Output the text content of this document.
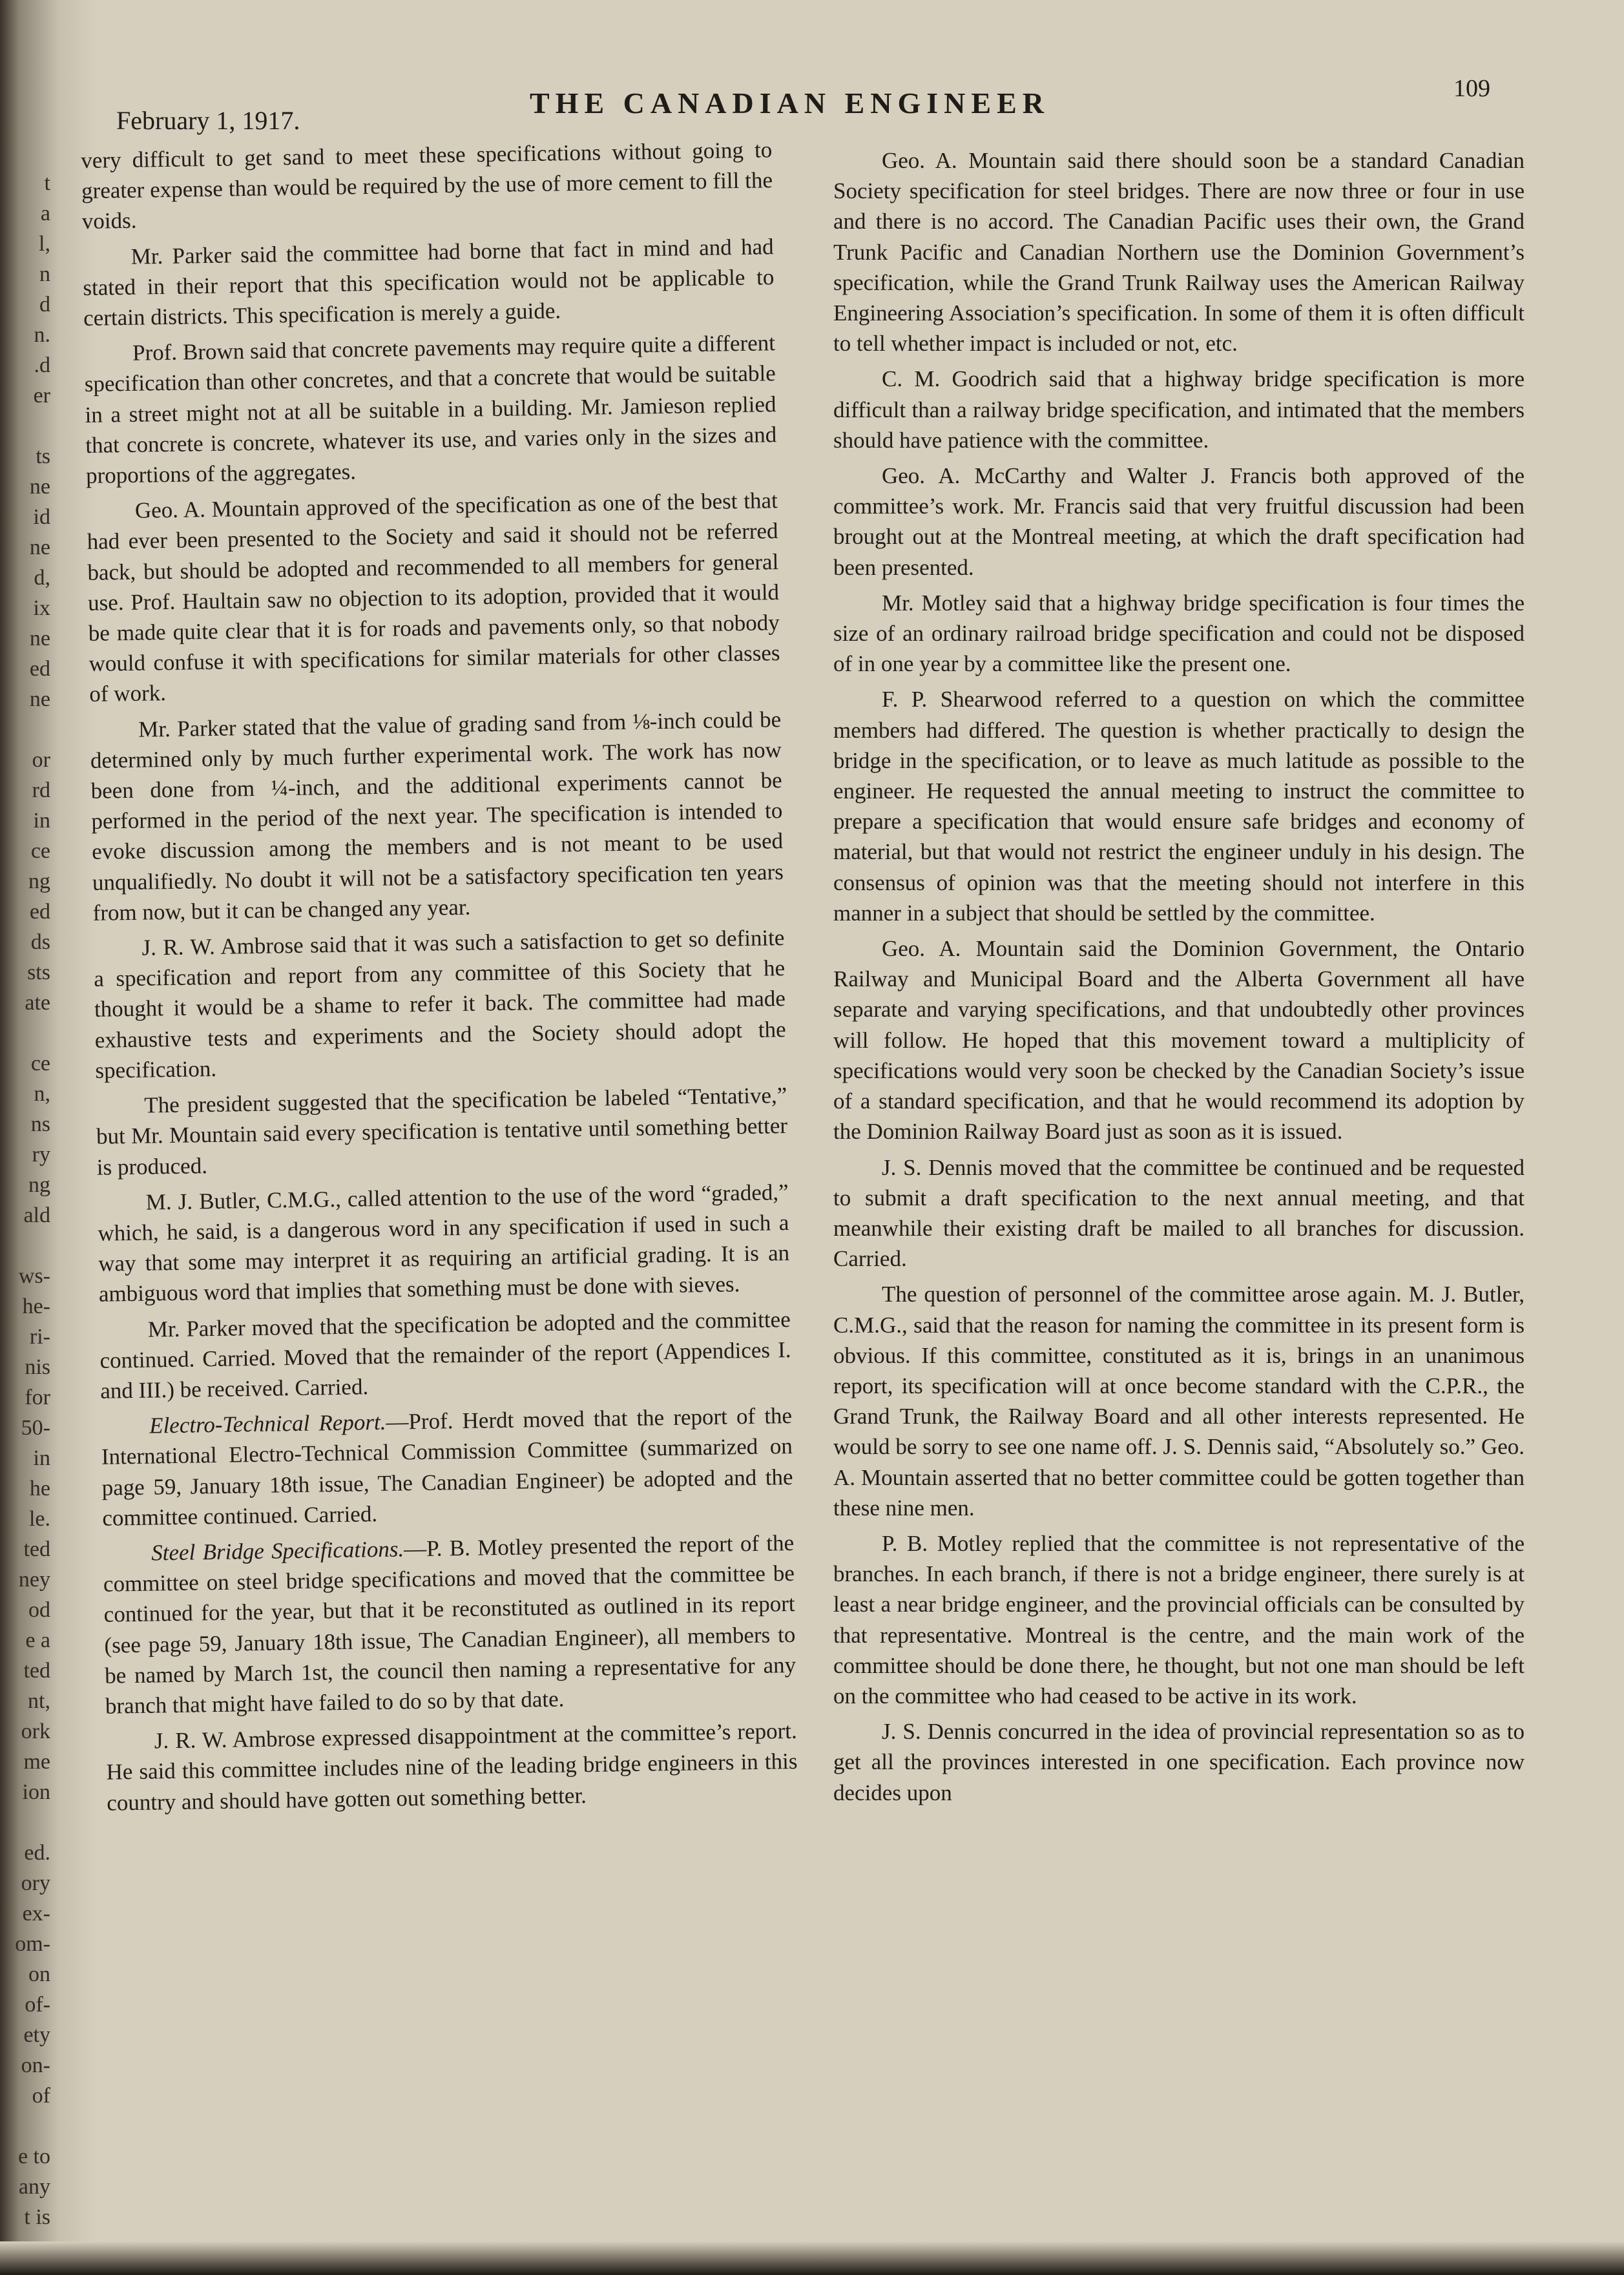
t
a
l,
n
d
n.
.d
er
ts
ne
id
ne
d,
ix
ne
ed
ne
or
rd
in
ce
ng
ed
ds
sts
ate
ce
n,
ns
ry
ng
ald
ws-
he-
ri-
nis
for
50-
in
he
le.
ted
ney
od
e a
ted
nt,
ork
me
ion
ed.
ory
ex-
om-
on
of-
ety
on-
of
e to
any
t is
February 1, 1917.
THE CANADIAN ENGINEER	109

very difficult to get sand to meet these specifications without going to greater expense than would be required by the use of more cement to fill the voids.

Mr. Parker said the committee had borne that fact in mind and had stated in their report that this specification would not be applicable to certain districts. This specification is merely a guide.

Prof. Brown said that concrete pavements may require quite a different specification than other concretes, and that a concrete that would be suitable in a street might not at all be suitable in a building. Mr. Jamieson replied that concrete is concrete, whatever its use, and varies only in the sizes and proportions of the aggregates.

Geo. A. Mountain approved of the specification as one of the best that had ever been presented to the Society and said it should not be referred back, but should be adopted and recommended to all members for general use. Prof. Haultain saw no objection to its adoption, provided that it would be made quite clear that it is for roads and pavements only, so that nobody would confuse it with specifications for similar materials for other classes of work.

Mr. Parker stated that the value of grading sand from ⅛-inch could be determined only by much further experimental work. The work has now been done from ¼-inch, and the additional experiments cannot be performed in the period of the next year. The specification is intended to evoke discussion among the members and is not meant to be used unqualifiedly. No doubt it will not be a satisfactory specification ten years from now, but it can be changed any year.

J. R. W. Ambrose said that it was such a satisfaction to get so definite a specification and report from any committee of this Society that he thought it would be a shame to refer it back. The committee had made exhaustive tests and experiments and the Society should adopt the specification.

The president suggested that the specification be labeled “Tentative,” but Mr. Mountain said every specification is tentative until something better is produced.

M. J. Butler, C.M.G., called attention to the use of the word “graded,” which, he said, is a dangerous word in any specification if used in such a way that some may interpret it as requiring an artificial grading. It is an ambiguous word that implies that something must be done with sieves.

Mr. Parker moved that the specification be adopted and the committee continued. Carried. Moved that the remainder of the report (Appendices I. and III.) be received. Carried.

Electro-Technical Report.—Prof. Herdt moved that the report of the International Electro-Technical Commission Committee (summarized on page 59, January 18th issue, The Canadian Engineer) be adopted and the committee continued. Carried.

Steel Bridge Specifications.—P. B. Motley presented the report of the committee on steel bridge specifications and moved that the committee be continued for the year, but that it be reconstituted as outlined in its report (see page 59, January 18th issue, The Canadian Engineer), all members to be named by March 1st, the council then naming a representative for any branch that might have failed to do so by that date.

J. R. W. Ambrose expressed disappointment at the committee’s report. He said this committee includes nine of the leading bridge engineers in this country and should have gotten out something better.

Geo. A. Mountain said there should soon be a standard Canadian Society specification for steel bridges. There are now three or four in use and there is no accord. The Canadian Pacific uses their own, the Grand Trunk Pacific and Canadian Northern use the Dominion Government’s specification, while the Grand Trunk Railway uses the American Railway Engineering Association’s specification. In some of them it is often difficult to tell whether impact is included or not, etc.

C. M. Goodrich said that a highway bridge specification is more difficult than a railway bridge specification, and intimated that the members should have patience with the committee.

Geo. A. McCarthy and Walter J. Francis both approved of the committee’s work. Mr. Francis said that very fruitful discussion had been brought out at the Montreal meeting, at which the draft specification had been presented.

Mr. Motley said that a highway bridge specification is four times the size of an ordinary railroad bridge specification and could not be disposed of in one year by a committee like the present one.

F. P. Shearwood referred to a question on which the committee members had differed. The question is whether practically to design the bridge in the specification, or to leave as much latitude as possible to the engineer. He requested the annual meeting to instruct the committee to prepare a specification that would ensure safe bridges and economy of material, but that would not restrict the engineer unduly in his design. The consensus of opinion was that the meeting should not interfere in this manner in a subject that should be settled by the committee.

Geo. A. Mountain said the Dominion Government, the Ontario Railway and Municipal Board and the Alberta Government all have separate and varying specifications, and that undoubtedly other provinces will follow. He hoped that this movement toward a multiplicity of specifications would very soon be checked by the Canadian Society’s issue of a standard specification, and that he would recommend its adoption by the Dominion Railway Board just as soon as it is issued.

J. S. Dennis moved that the committee be continued and be requested to submit a draft specification to the next annual meeting, and that meanwhile their existing draft be mailed to all branches for discussion. Carried.

The question of personnel of the committee arose again. M. J. Butler, C.M.G., said that the reason for naming the committee in its present form is obvious. If this committee, constituted as it is, brings in an unanimous report, its specification will at once become standard with the C.P.R., the Grand Trunk, the Railway Board and all other interests represented. He would be sorry to see one name off. J. S. Dennis said, “Absolutely so.” Geo. A. Mountain asserted that no better committee could be gotten together than these nine men.

P. B. Motley replied that the committee is not representative of the branches. In each branch, if there is not a bridge engineer, there surely is at least a near bridge engineer, and the provincial officials can be consulted by that representative. Montreal is the centre, and the main work of the committee should be done there, he thought, but not one man should be left on the committee who had ceased to be active in its work.

J. S. Dennis concurred in the idea of provincial representation so as to get all the provinces interested in one specification. Each province now decides upon
